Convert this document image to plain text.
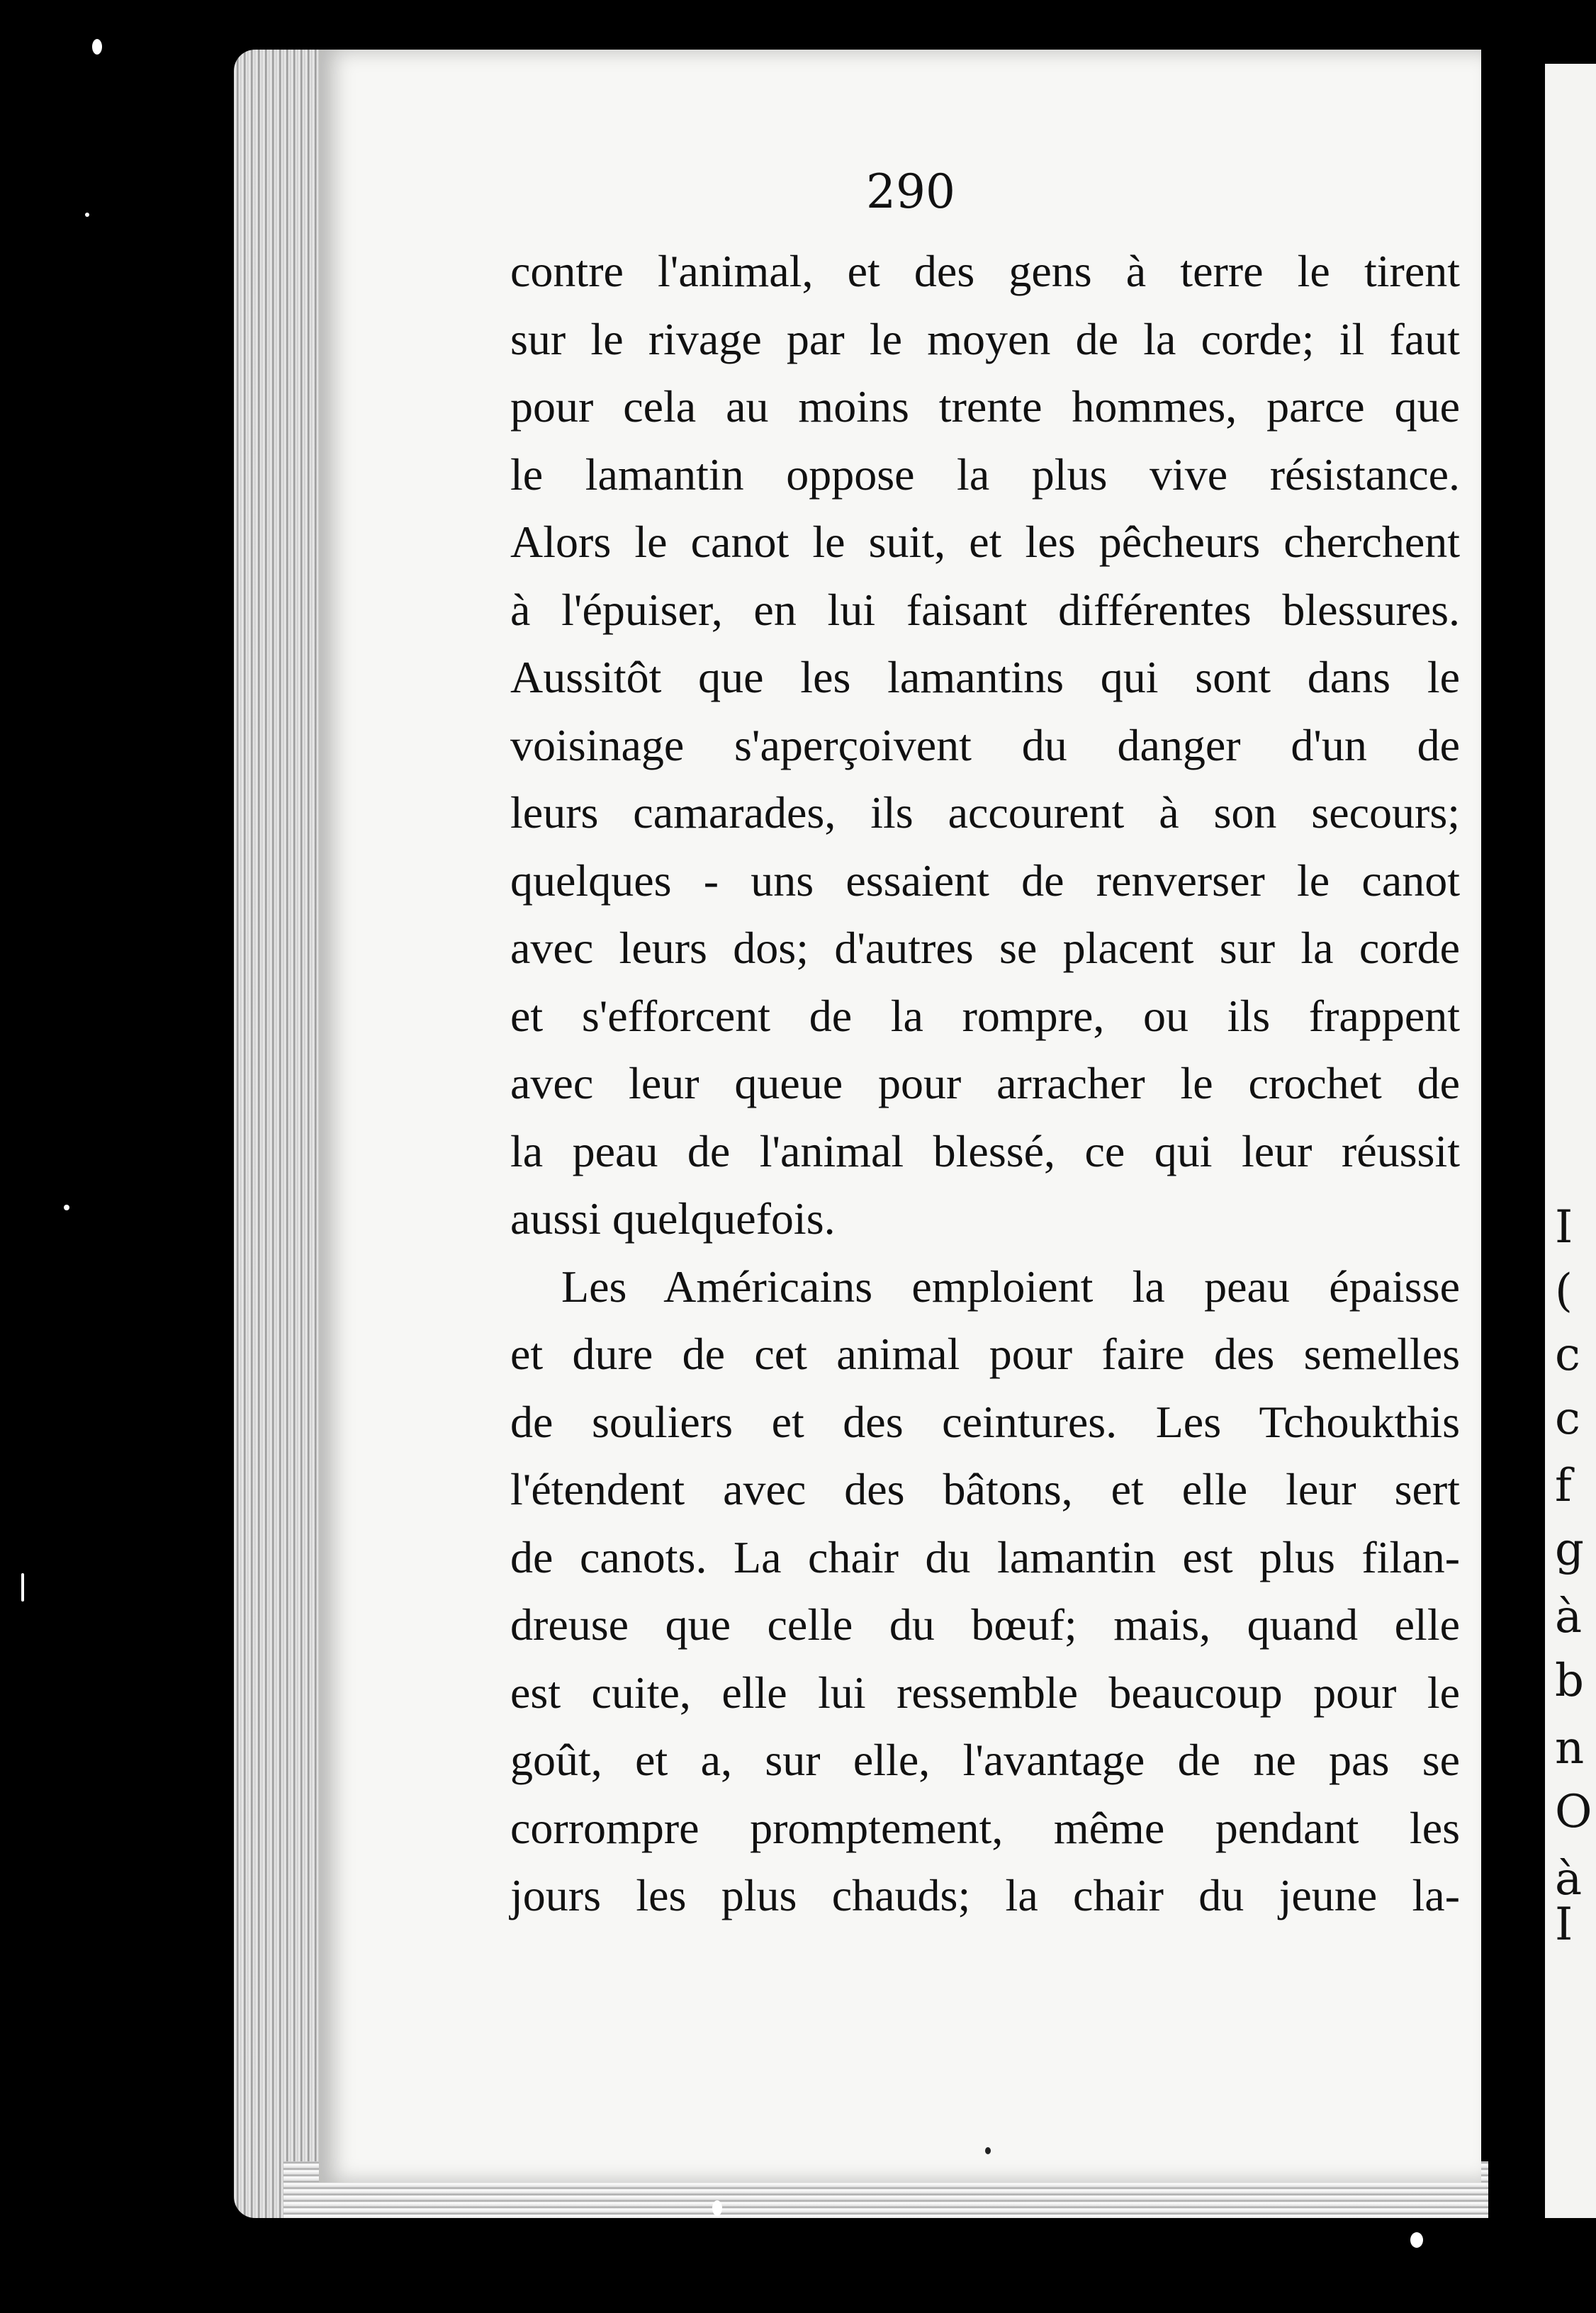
290
contre l'animal, et des gens à terre le tirent
sur le rivage par le moyen de la corde; il faut
pour cela au moins trente hommes, parce que
le lamantin oppose la plus vive résistance.
Alors le canot le suit, et les pêcheurs cherchent
à l'épuiser, en lui faisant différentes blessures.
Aussitôt que les lamantins qui sont dans le
voisinage s'aperçoivent du danger d'un de
leurs camarades, ils accourent à son secours;
quelques - uns essaient de renverser le canot
avec leurs dos; d'autres se placent sur la corde
et s'efforcent de la rompre, ou ils frappent
avec leur queue pour arracher le crochet de
la peau de l'animal blessé, ce qui leur réussit
aussi quelquefois.
Les Américains emploient la peau épaisse
et dure de cet animal pour faire des semelles
de souliers et des ceintures. Les Tchoukthis
l'étendent avec des bâtons, et elle leur sert
de canots. La chair du lamantin est plus filan-
dreuse que celle du bœuf; mais, quand elle
est cuite, elle lui ressemble beaucoup pour le
goût, et a, sur elle, l'avantage de ne pas se
corrompre promptement, même pendant les
jours les plus chauds; la chair du jeune la-
I
(
c
c
f
g
à
b
n
O
à I
